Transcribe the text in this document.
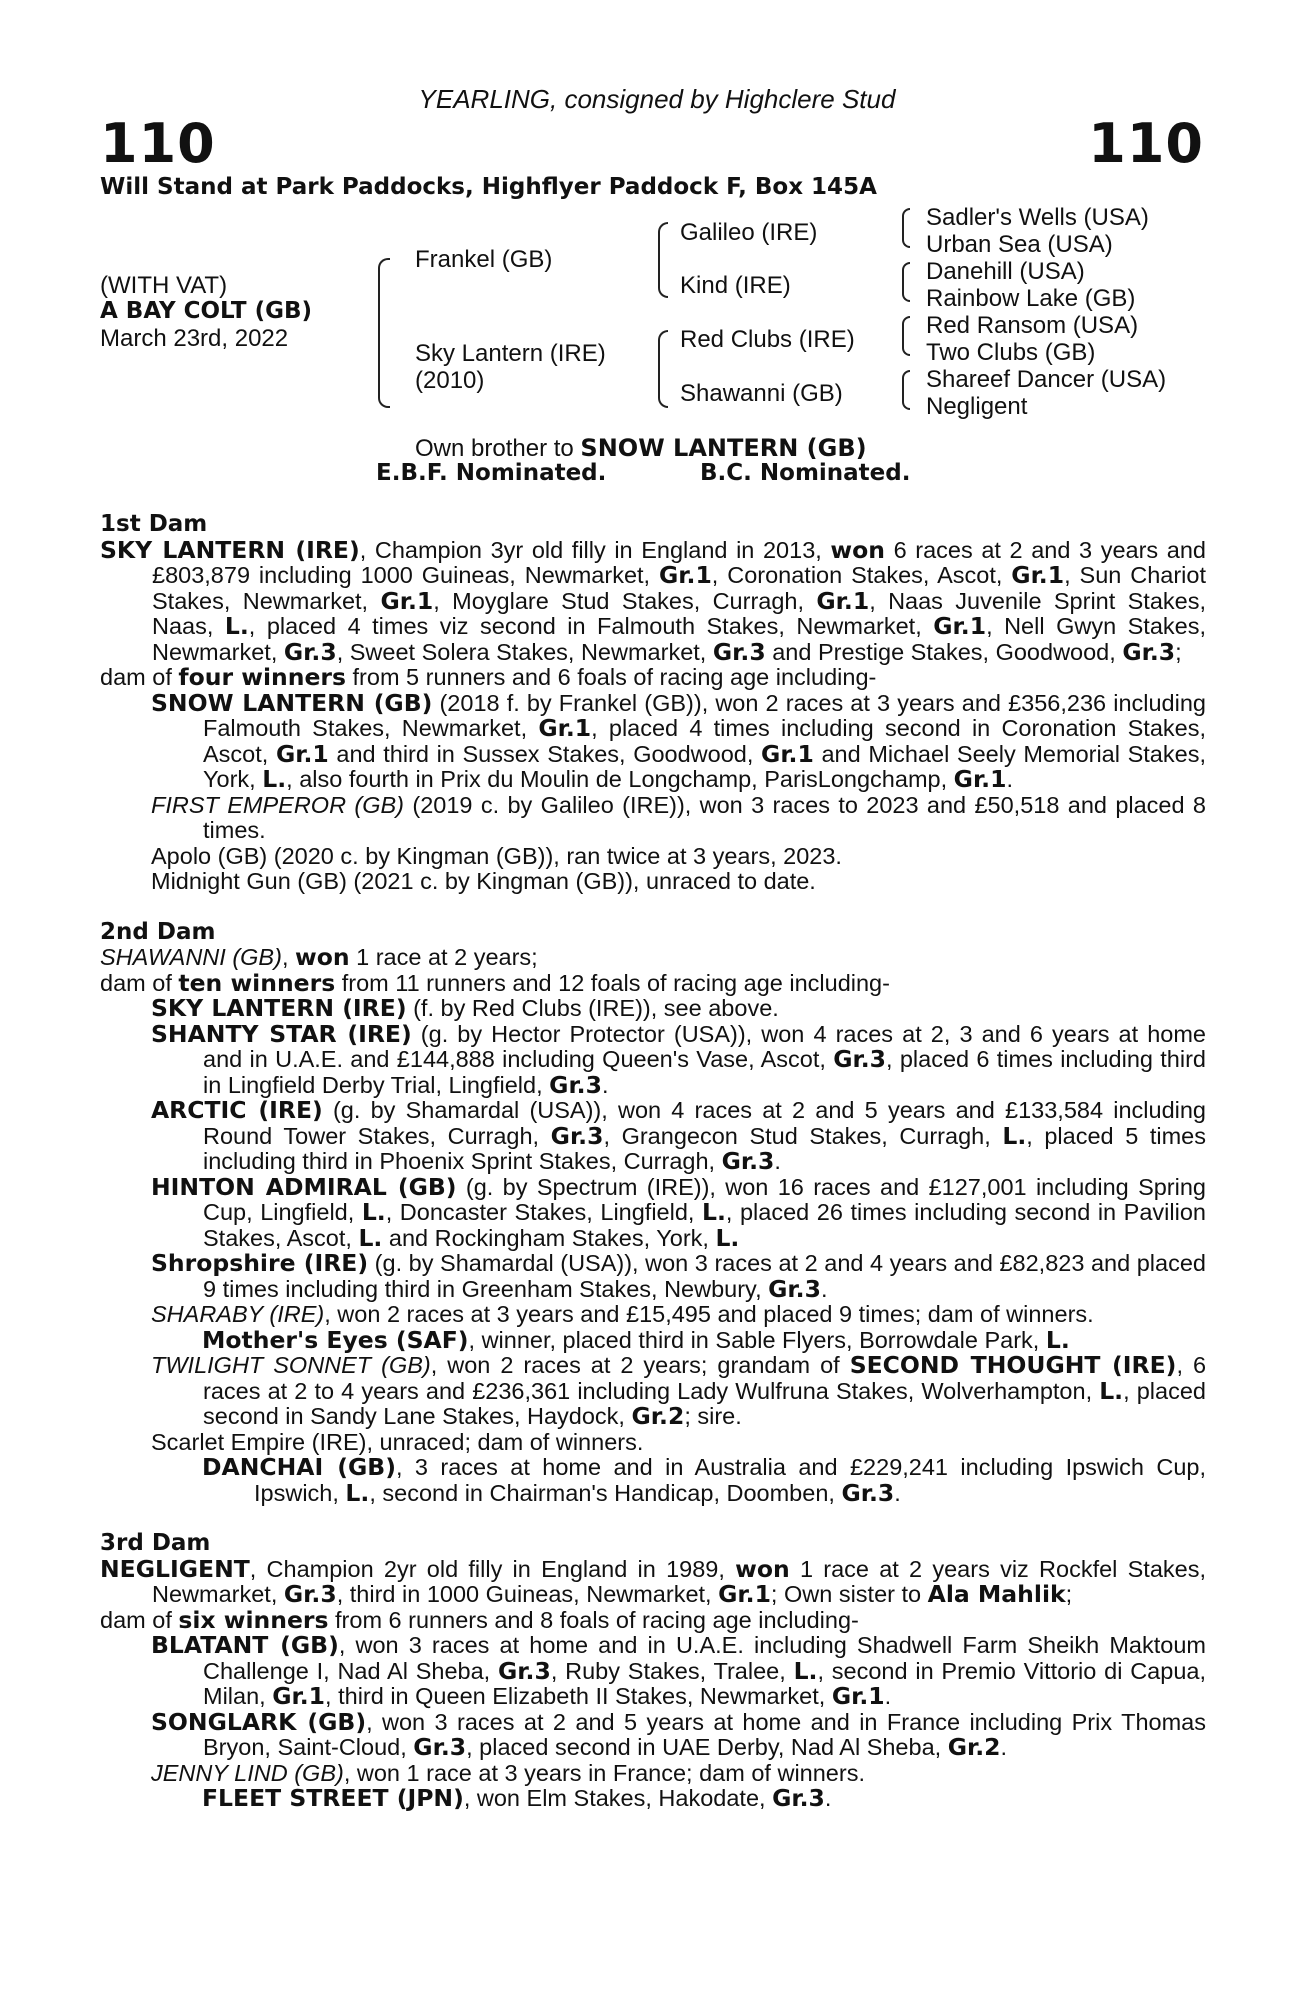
YEARLING, consigned by Highclere Stud
110	110
Will Stand at Park Paddocks, Highflyer Paddock F, Box 145A
(WITH VAT)
A BAY COLT (GB)
March 23rd, 2022
Frankel (GB)
Sky Lantern (IRE)
(2010)
Galileo (IRE)
Kind (IRE)
Red Clubs (IRE)
Shawanni (GB)
Sadler's Wells (USA)
Urban Sea (USA)
Danehill (USA)
Rainbow Lake (GB)
Red Ransom (USA)
Two Clubs (GB)
Shareef Dancer (USA)
Negligent
Own brother to SNOW LANTERN (GB)
E.B.F. Nominated.	B.C. Nominated.
1st Dam
SKY LANTERN (IRE), Champion 3yr old filly in England in 2013, won 6 races at 2 and 3 years and £803,879 including 1000 Guineas, Newmarket, Gr.1, Coronation Stakes, Ascot, Gr.1, Sun Chariot Stakes, Newmarket, Gr.1, Moyglare Stud Stakes, Curragh, Gr.1, Naas Juvenile Sprint Stakes, Naas, L., placed 4 times viz second in Falmouth Stakes, Newmarket, Gr.1, Nell Gwyn Stakes, Newmarket, Gr.3, Sweet Solera Stakes, Newmarket, Gr.3 and Prestige Stakes, Goodwood, Gr.3;
dam of four winners from 5 runners and 6 foals of racing age including-
SNOW LANTERN (GB) (2018 f. by Frankel (GB)), won 2 races at 3 years and £356,236 including Falmouth Stakes, Newmarket, Gr.1, placed 4 times including second in Coronation Stakes, Ascot, Gr.1 and third in Sussex Stakes, Goodwood, Gr.1 and Michael Seely Memorial Stakes, York, L., also fourth in Prix du Moulin de Longchamp, ParisLongchamp, Gr.1.
FIRST EMPEROR (GB) (2019 c. by Galileo (IRE)), won 3 races to 2023 and £50,518 and placed 8 times.
Apolo (GB) (2020 c. by Kingman (GB)), ran twice at 3 years, 2023.
Midnight Gun (GB) (2021 c. by Kingman (GB)), unraced to date.
2nd Dam
SHAWANNI (GB), won 1 race at 2 years;
dam of ten winners from 11 runners and 12 foals of racing age including-
SKY LANTERN (IRE) (f. by Red Clubs (IRE)), see above.
SHANTY STAR (IRE) (g. by Hector Protector (USA)), won 4 races at 2, 3 and 6 years at home and in U.A.E. and £144,888 including Queen's Vase, Ascot, Gr.3, placed 6 times including third in Lingfield Derby Trial, Lingfield, Gr.3.
ARCTIC (IRE) (g. by Shamardal (USA)), won 4 races at 2 and 5 years and £133,584 including Round Tower Stakes, Curragh, Gr.3, Grangecon Stud Stakes, Curragh, L., placed 5 times including third in Phoenix Sprint Stakes, Curragh, Gr.3.
HINTON ADMIRAL (GB) (g. by Spectrum (IRE)), won 16 races and £127,001 including Spring Cup, Lingfield, L., Doncaster Stakes, Lingfield, L., placed 26 times including second in Pavilion Stakes, Ascot, L. and Rockingham Stakes, York, L.
Shropshire (IRE) (g. by Shamardal (USA)), won 3 races at 2 and 4 years and £82,823 and placed 9 times including third in Greenham Stakes, Newbury, Gr.3.
SHARABY (IRE), won 2 races at 3 years and £15,495 and placed 9 times; dam of winners.
Mother's Eyes (SAF), winner, placed third in Sable Flyers, Borrowdale Park, L.
TWILIGHT SONNET (GB), won 2 races at 2 years; grandam of SECOND THOUGHT (IRE), 6 races at 2 to 4 years and £236,361 including Lady Wulfruna Stakes, Wolverhampton, L., placed second in Sandy Lane Stakes, Haydock, Gr.2; sire.
Scarlet Empire (IRE), unraced; dam of winners.
DANCHAI (GB), 3 races at home and in Australia and £229,241 including Ipswich Cup, Ipswich, L., second in Chairman's Handicap, Doomben, Gr.3.
3rd Dam
NEGLIGENT, Champion 2yr old filly in England in 1989, won 1 race at 2 years viz Rockfel Stakes, Newmarket, Gr.3, third in 1000 Guineas, Newmarket, Gr.1; Own sister to Ala Mahlik;
dam of six winners from 6 runners and 8 foals of racing age including-
BLATANT (GB), won 3 races at home and in U.A.E. including Shadwell Farm Sheikh Maktoum Challenge I, Nad Al Sheba, Gr.3, Ruby Stakes, Tralee, L., second in Premio Vittorio di Capua, Milan, Gr.1, third in Queen Elizabeth II Stakes, Newmarket, Gr.1.
SONGLARK (GB), won 3 races at 2 and 5 years at home and in France including Prix Thomas Bryon, Saint-Cloud, Gr.3, placed second in UAE Derby, Nad Al Sheba, Gr.2.
JENNY LIND (GB), won 1 race at 3 years in France; dam of winners.
FLEET STREET (JPN), won Elm Stakes, Hakodate, Gr.3.
